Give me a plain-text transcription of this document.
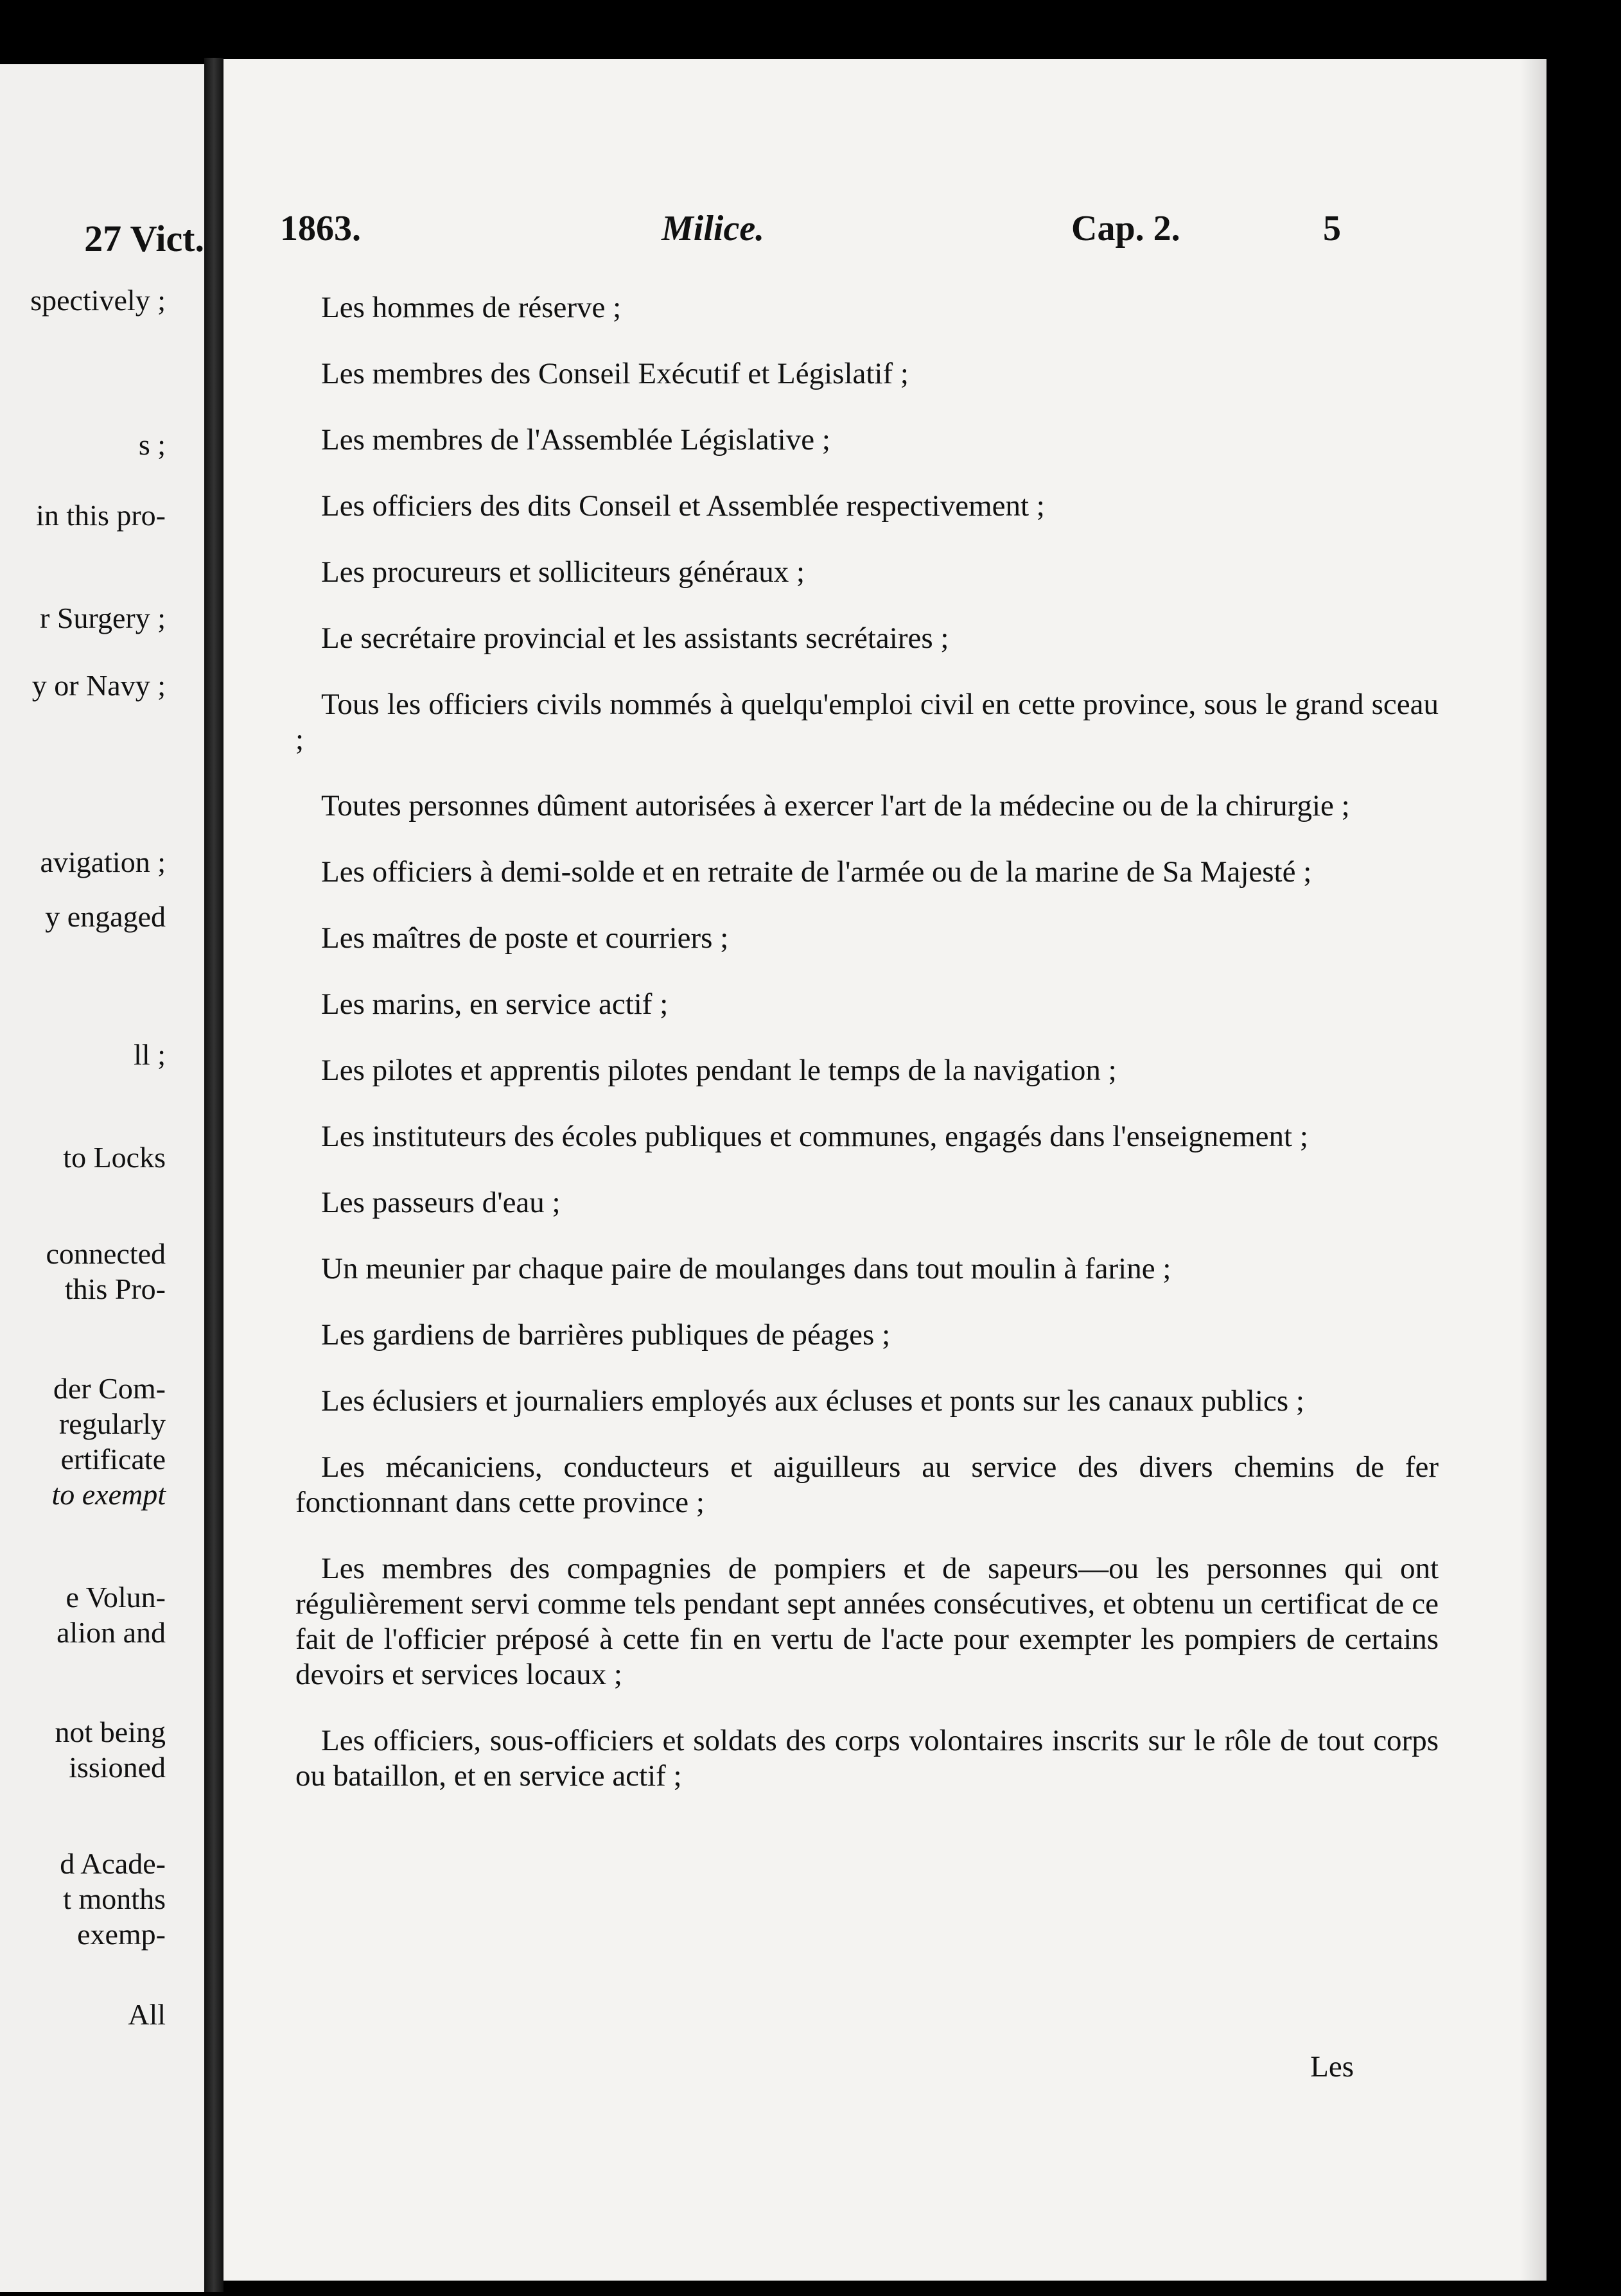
27 Vict.
spectively ;
s ;
in this pro-
r Surgery ;
y or Navy ;
avigation ;
y engaged
ll ;
to Locks
connected
this Pro-
der Com-
regularly
ertificate
to exempt
e Volun-
alion and
not being
issioned
d Acade-
t months
exemp-
All
1863.	Milice.	Cap. 2.	5

Les hommes de réserve ;

Les membres des Conseil Exécutif et Législatif ;

Les membres de l'Assemblée Législative ;

Les officiers des dits Conseil et Assemblée respectivement ;

Les procureurs et solliciteurs généraux ;

Le secrétaire provincial et les assistants secrétaires ;

Tous les officiers civils nommés à quelqu'emploi civil en cette province, sous le grand sceau ;

Toutes personnes dûment autorisées à exercer l'art de la médecine ou de la chirurgie ;

Les officiers à demi-solde et en retraite de l'armée ou de la marine de Sa Majesté ;

Les maîtres de poste et courriers ;

Les marins, en service actif ;

Les pilotes et apprentis pilotes pendant le temps de la navigation ;

Les instituteurs des écoles publiques et communes, engagés dans l'enseignement ;

Les passeurs d'eau ;

Un meunier par chaque paire de moulanges dans tout moulin à farine ;

Les gardiens de barrières publiques de péages ;

Les éclusiers et journaliers employés aux écluses et ponts sur les canaux publics ;

Les mécaniciens, conducteurs et aiguilleurs au service des divers chemins de fer fonctionnant dans cette province ;

Les membres des compagnies de pompiers et de sapeurs—ou les personnes qui ont régulièrement servi comme tels pendant sept années consécutives, et obtenu un certificat de ce fait de l'officier préposé à cette fin en vertu de l'acte pour exempter les pompiers de certains devoirs et services locaux ;

Les officiers, sous-officiers et soldats des corps volontaires inscrits sur le rôle de tout corps ou bataillon, et en service actif ;

Les
